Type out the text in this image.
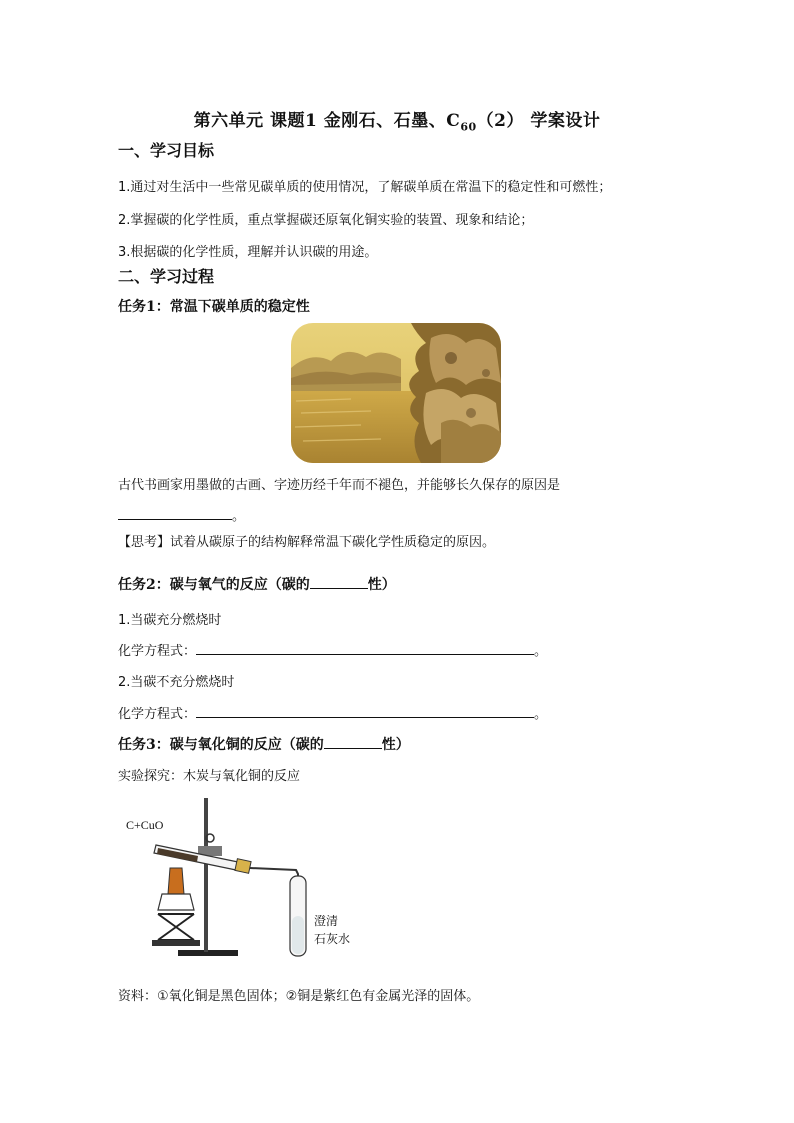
第六单元 课题1 金刚石、石墨、$C_{60}(2)$ 学案设计
一、学习目标
1.通过对生活中一些常见碳单质的使用情况，了解碳单质在常温下的稳定性和可燃性；
2.掌握碳的化学性质，重点掌握碳还原氧化铜实验的装置、现象和结论；
3.根据碳的化学性质，理解并认识碳的用途。
二、学习过程
任务1：常温下碳单质的稳定性
古代书画家用墨做的古画、字迹历经千年而不褪色，并能够长久保存的原因是
。
【思考】试着从碳原子的结构解释常温下碳化学性质稳定的原因。
任务2：碳与氧气的反应（碳的	性）
1.当碳充分燃烧时
化学方程式：	。
2.当碳不充分燃烧时
化学方程式：	。
任务3：碳与氧化铜的反应（碳的	性）
实验探究：木炭与氧化铜的反应
C+CuO
澄清
石灰水
资料：①氧化铜是黑色固体；②铜是紫红色有金属光泽的固体。
